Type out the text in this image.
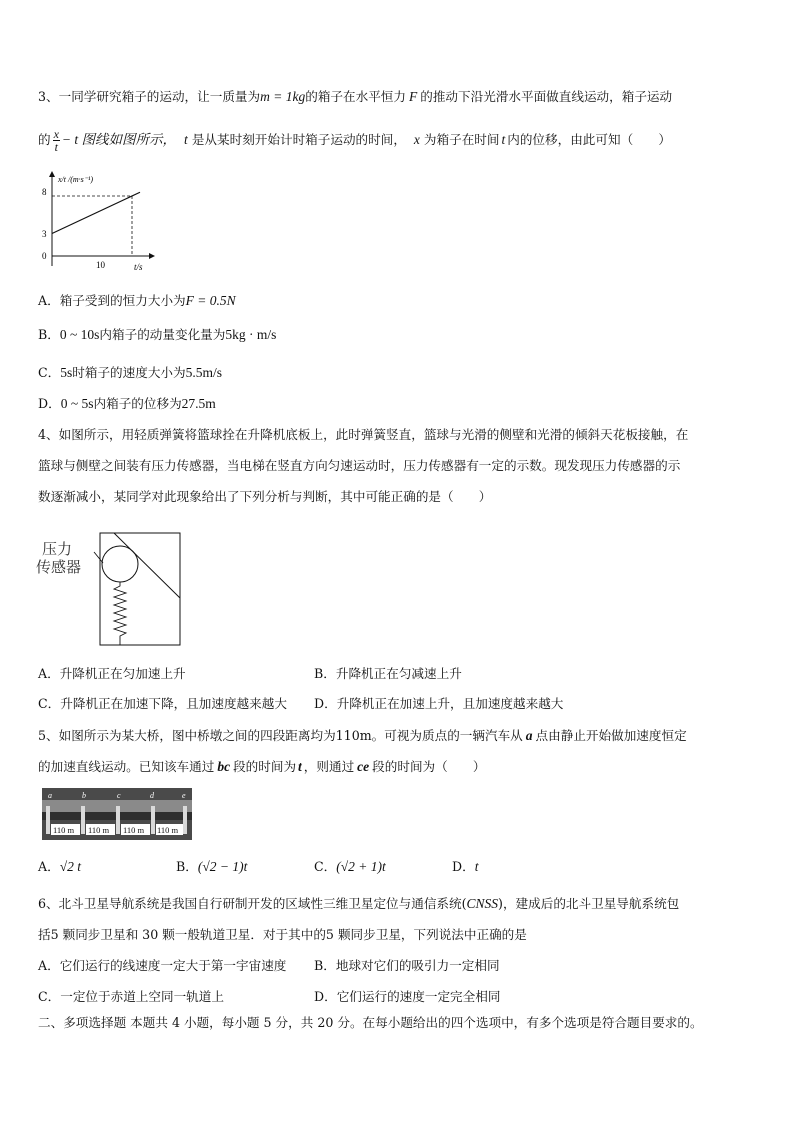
3、一同学研究箱子的运动，让一质量为m = 1kg的箱子在水平恒力 F 的推动下沿光滑水平面做直线运动，箱子运动
的 $\frac{x}{t} - t$ 图线如图所示， t 是从某时刻开始计时箱子运动的时间， x 为箱子在时间 t 内的位移，由此可知（　　）
x/t /(m·s⁻¹)
t/s
8
3
0
10
A．箱子受到的恒力大小为F = 0.5N
B．0 ~ 10s内箱子的动量变化量为5kg · m/s
C．5s时箱子的速度大小为5.5m/s
D．0 ~ 5s内箱子的位移为27.5m
4、如图所示，用轻质弹簧将篮球拴在升降机底板上，此时弹簧竖直，篮球与光滑的侧壁和光滑的倾斜天花板接触，在
篮球与侧壁之间装有压力传感器，当电梯在竖直方向匀速运动时，压力传感器有一定的示数。现发现压力传感器的示
数逐渐减小，某同学对此现象给出了下列分析与判断，其中可能正确的是（　　）
压力
传感器
A．升降机正在匀加速上升	B．升降机正在匀减速上升
C．升降机正在加速下降，且加速度越来越大 D．升降机正在加速上升，且加速度越来越大
5、如图所示为某大桥，图中桥墩之间的四段距离均为110m。可视为质点的一辆汽车从 a 点由静止开始做加速度恒定
的加速直线运动。已知该车通过 bc 段的时间为 t ，则通过 ce 段的时间为（　　）
a	b	c	d	e
110 m 110 m 110 m 110 m
A．√2 t	B．(√2 − 1)t	C．(√2 + 1)t	D．t
6、北斗卫星导航系统是我国自行研制开发的区域性三维卫星定位与通信系统(CNSS)，建成后的北斗卫星导航系统包
括5 颗同步卫星和 30 颗一般轨道卫星．对于其中的5 颗同步卫星，下列说法中正确的是
A．它们运行的线速度一定大于第一宇宙速度 B．地球对它们的吸引力一定相同
C．一定位于赤道上空同一轨道上	D．它们运行的速度一定完全相同
二、多项选择题 本题共 4 小题，每小题 5 分，共 20 分。在每小题给出的四个选项中，有多个选项是符合题目要求的。
